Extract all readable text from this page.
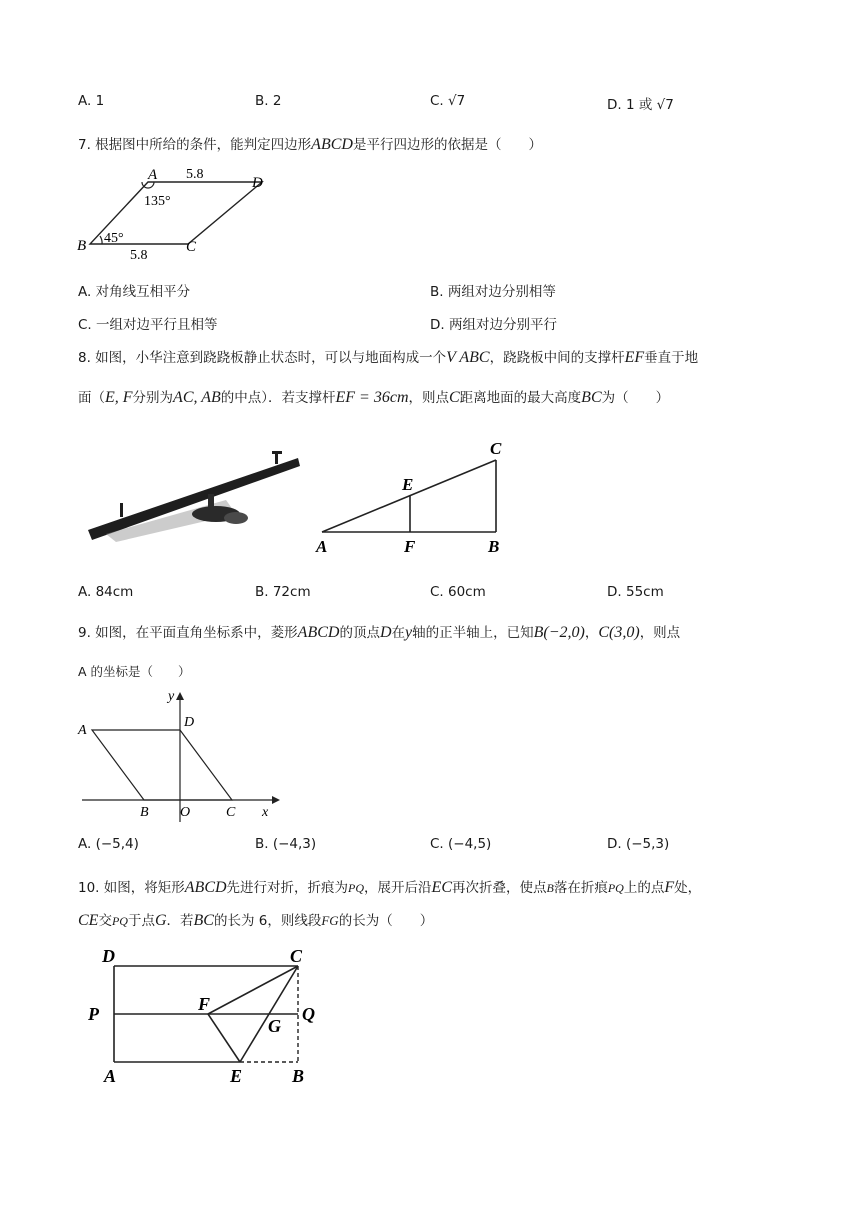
A. 1	B. 2	C. √7	D. 1 或 √7
7. 根据图中所给的条件，能判定四边形ABCD是平行四边形的依据是（　　）
A 5.8
D
135°
45°
B	C
5.8
A. 对角线互相平分	B. 两组对边分别相等
C. 一组对边平行且相等	D. 两组对边分别平行
8. 如图，小华注意到跷跷板静止状态时，可以与地面构成一个V ABC，跷跷板中间的支撑杆EF垂直于地
面（E, F分别为AC, AB的中点）．若支撑杆EF = 36cm，则点C距离地面的最大高度BC为（　　）
C
E
A	F	B
A. 84cm	B. 72cm	C. 60cm	D. 55cm
9. 如图，在平面直角坐标系中，菱形ABCD的顶点D在y轴的正半轴上，已知B(−2,0)，C(3,0)，则点
A 的坐标是（　　）
y
A
D
B O	C x
A. (−5,4)	B. (−4,3)	C. (−4,5)	D. (−5,3)
10. 如图，将矩形ABCD先进行对折，折痕为PQ，展开后沿EC再次折叠，使点B落在折痕PQ上的点F处，
CE交PQ于点G．若BC的长为 6，则线段FG的长为（　　）
D	C
P	F
G
Q
A	E	B
